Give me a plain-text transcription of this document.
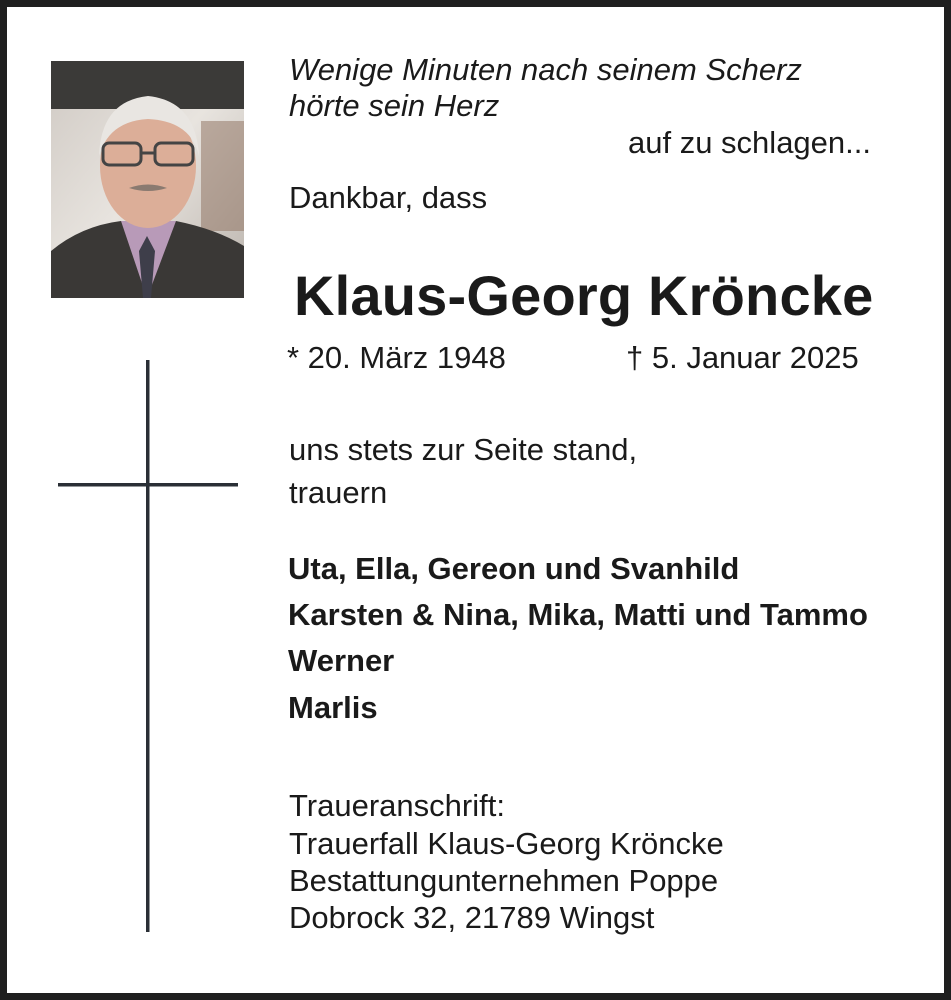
Wenige Minuten nach seinem Scherz

hörte sein Herz

auf zu schlagen...

Dankbar, dass

Klaus-Georg Kröncke

* 20. März 1948	† 5. Januar 2025

uns stets zur Seite stand,

trauern

Uta, Ella, Gereon und Svanhild

Karsten & Nina, Mika, Matti und Tammo

Werner

Marlis

Traueranschrift:

Trauerfall Klaus-Georg Kröncke

Bestattungunternehmen Poppe

Dobrock 32, 21789 Wingst
